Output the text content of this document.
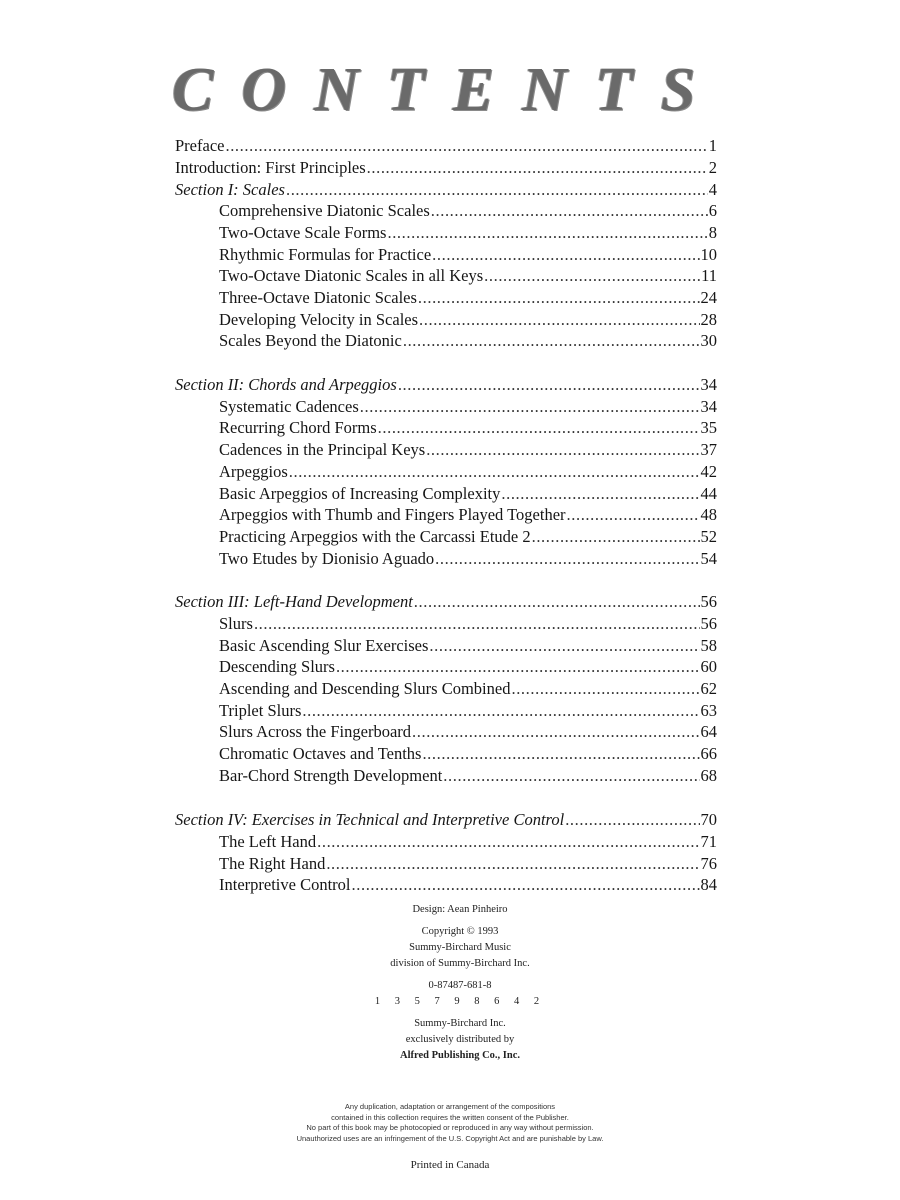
CONTENTS
Preface .....	1
Introduction: First Principles .....	2
Section I: Scales .....	4
Comprehensive Diatonic Scales .....	6
Two-Octave Scale Forms .....	8
Rhythmic Formulas for Practice .....	10
Two-Octave Diatonic Scales in all Keys .....	11
Three-Octave Diatonic Scales .....	24
Developing Velocity in Scales .....	28
Scales Beyond the Diatonic .....	30
Section II: Chords and Arpeggios .....	34
Systematic Cadences .....	34
Recurring Chord Forms .....	35
Cadences in the Principal Keys .....	37
Arpeggios .....	42
Basic Arpeggios of Increasing Complexity .....	44
Arpeggios with Thumb and Fingers Played Together .....	48
Practicing Arpeggios with the Carcassi Etude 2 .....	52
Two Etudes by Dionisio Aguado .....	54
Section III: Left-Hand Development .....	56
Slurs .....	56
Basic Ascending Slur Exercises .....	58
Descending Slurs .....	60
Ascending and Descending Slurs Combined .....	62
Triplet Slurs .....	63
Slurs Across the Fingerboard .....	64
Chromatic Octaves and Tenths .....	66
Bar-Chord Strength Development .....	68
Section IV: Exercises in Technical and Interpretive Control .....	70
The Left Hand .....	71
The Right Hand .....	76
Interpretive Control .....	84
Design: Aean Pinheiro
Copyright © 1993
Summy-Birchard Music
division of Summy-Birchard Inc.
0-87487-681-8
1 3 5 7 9 8 6 4 2
Summy-Birchard Inc.
exclusively distributed by
Alfred Publishing Co., Inc.
Any duplication, adaptation or arrangement of the compositions
contained in this collection requires the written consent of the Publisher.
No part of this book may be photocopied or reproduced in any way without permission.
Unauthorized uses are an infringement of the U.S. Copyright Act and are punishable by Law.
Printed in Canada
